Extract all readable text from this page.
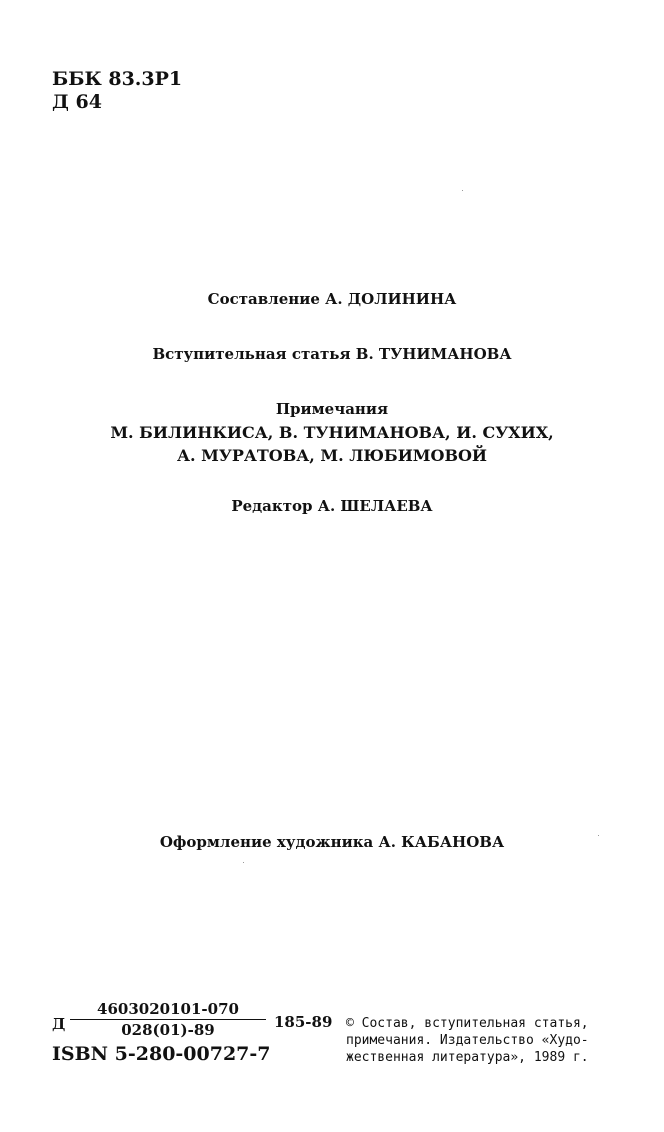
ББК 83.3Р1
Д 64
Составление А. ДОЛИНИНА
Вступительная статья В. ТУНИМАНОВА
Примечания
М. БИЛИНКИСА, В. ТУНИМАНОВА, И. СУХИХ,
А. МУРАТОВА, М. ЛЮБИМОВОЙ
Редактор А. ШЕЛАЕВА
Оформление художника А. КАБАНОВА
Д $\frac{4603020101-070}{028(01)-89} 185-89$
ISBN 5-280-00727-7
© Состав, вступительная статья,
примечания. Издательство «Худо-
жественная литература», 1989 г.
